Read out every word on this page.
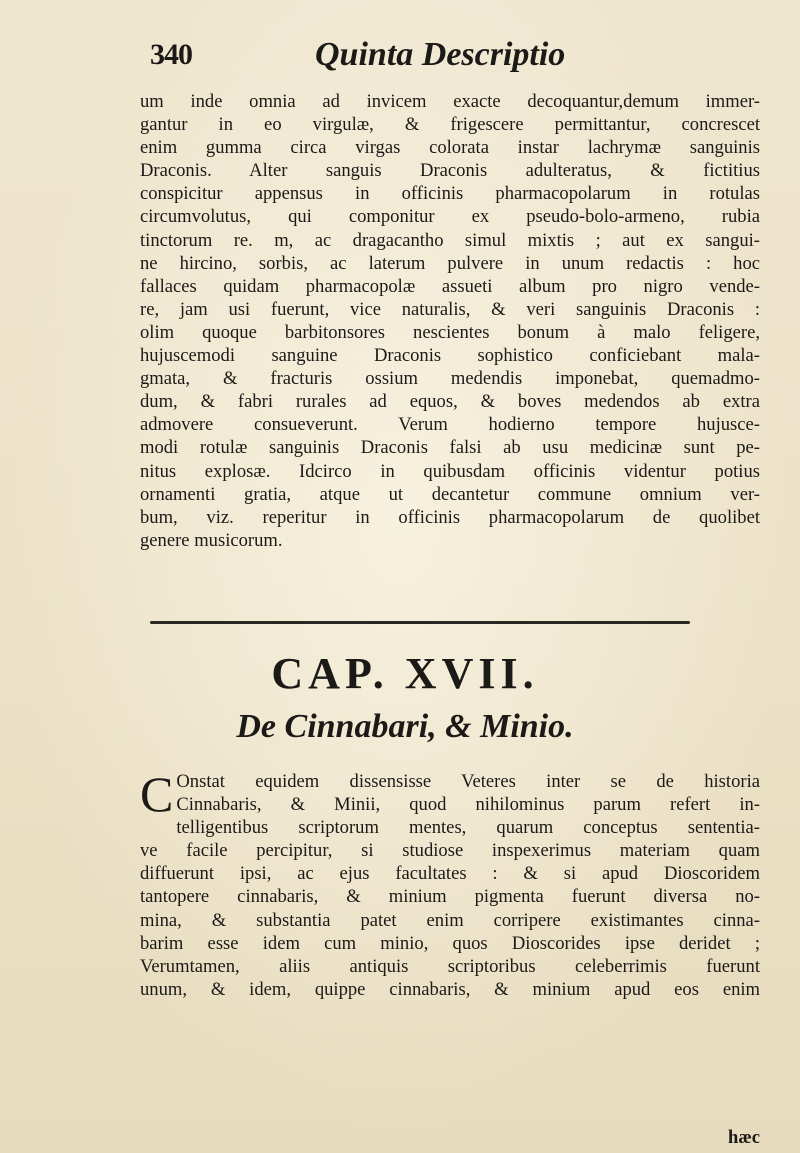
340	Quinta Descriptio

um inde omnia ad invicem exacte decoquantur,demum immer-
gantur in eo virgulæ, & frigescere permittantur, concrescet
enim gumma circa virgas colorata instar lachrymæ sanguinis
Draconis. Alter sanguis Draconis adulteratus, & fictitius
conspicitur appensus in officinis pharmacopolarum in rotulas
circumvolutus, qui componitur ex pseudo-bolo-armeno, rubia
tinctorum re. m, ac dragacantho simul mixtis ; aut ex sangui-
ne hircino, sorbis, ac laterum pulvere in unum redactis : hoc
fallaces quidam pharmacopolæ assueti album pro nigro vende-
re, jam usi fuerunt, vice naturalis, & veri sanguinis Draconis :
olim quoque barbitonsores nescientes bonum à malo feligere,
hujuscemodi sanguine Draconis sophistico conficiebant mala-
gmata, & fracturis ossium medendis imponebat, quemadmo-
dum, & fabri rurales ad equos, & boves medendos ab extra
admovere consueverunt. Verum hodierno tempore hujusce-
modi rotulæ sanguinis Draconis falsi ab usu medicinæ sunt pe-
nitus explosæ. Idcirco in quibusdam officinis videntur potius
ornamenti gratia, atque ut decantetur commune omnium ver-
bum, viz. reperitur in officinis pharmacopolarum de quolibet
genere musicorum.

CAP. XVII.
De Cinnabari, & Minio.

C Onstat equidem dissensisse Veteres inter se de historia
Cinnabaris, & Minii, quod nihilominus parum refert in-
telligentibus scriptorum mentes, quarum conceptus sententia-
ve facile percipitur, si studiose inspexerimus materiam quam
diffuerunt ipsi, ac ejus facultates : & si apud Dioscoridem
tantopere cinnabaris, & minium pigmenta fuerunt diversa no-
mina, & substantia patet enim corripere existimantes cinna-
barim esse idem cum minio, quos Dioscorides ipse deridet ;
Verumtamen, aliis antiquis scriptoribus celeberrimis fuerunt
unum, & idem, quippe cinnabaris, & minium apud eos enim

hæc
